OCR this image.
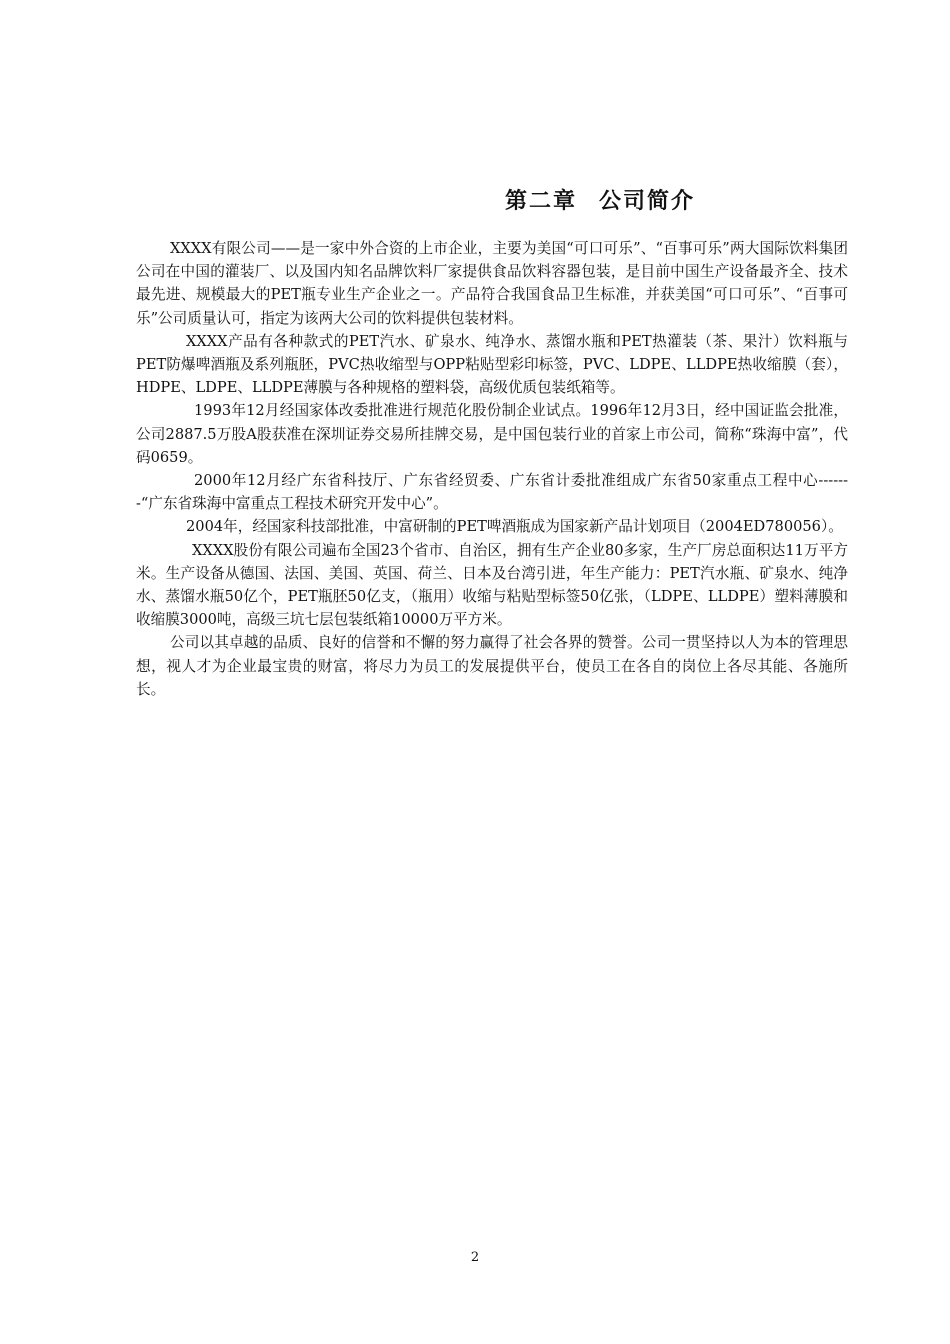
第二章 公司简介

XXXX有限公司——是一家中外合资的上市企业，主要为美国“可口可乐”、“百事可乐”两大国际饮料集团公司在中国的灌装厂、以及国内知名品牌饮料厂家提供食品饮料容器包装，是目前中国生产设备最齐全、技术最先进、规模最大的PET瓶专业生产企业之一。产品符合我国食品卫生标准，并获美国“可口可乐”、“百事可乐”公司质量认可，指定为该两大公司的饮料提供包装材料。

XXXX产品有各种款式的PET汽水、矿泉水、纯净水、蒸馏水瓶和PET热灌装（茶、果汁）饮料瓶与PET防爆啤酒瓶及系列瓶胚，PVC热收缩型与OPP粘贴型彩印标签，PVC、LDPE、LLDPE热收缩膜（套），HDPE、LDPE、LLDPE薄膜与各种规格的塑料袋，高级优质包装纸箱等。

1993年12月经国家体改委批准进行规范化股份制企业试点。1996年12月3日，经中国证监会批准，公司2887.5万股A股获准在深圳证券交易所挂牌交易，是中国包装行业的首家上市公司，简称“珠海中富”，代码0659。

2000年12月经广东省科技厅、广东省经贸委、广东省计委批准组成广东省50家重点工程中心-------“广东省珠海中富重点工程技术研究开发中心”。

2004年，经国家科技部批准，中富研制的PET啤酒瓶成为国家新产品计划项目（2004ED780056）。

XXXX股份有限公司遍布全国23个省市、自治区，拥有生产企业80多家，生产厂房总面积达11万平方米。生产设备从德国、法国、美国、英国、荷兰、日本及台湾引进，年生产能力：PET汽水瓶、矿泉水、纯净水、蒸馏水瓶50亿个，PET瓶胚50亿支，（瓶用）收缩与粘贴型标签50亿张，（LDPE、LLDPE）塑料薄膜和收缩膜3000吨，高级三坑七层包装纸箱10000万平方米。

公司以其卓越的品质、良好的信誉和不懈的努力赢得了社会各界的赞誉。公司一贯坚持以人为本的管理思想，视人才为企业最宝贵的财富，将尽力为员工的发展提供平台，使员工在各自的岗位上各尽其能、各施所长。

2
